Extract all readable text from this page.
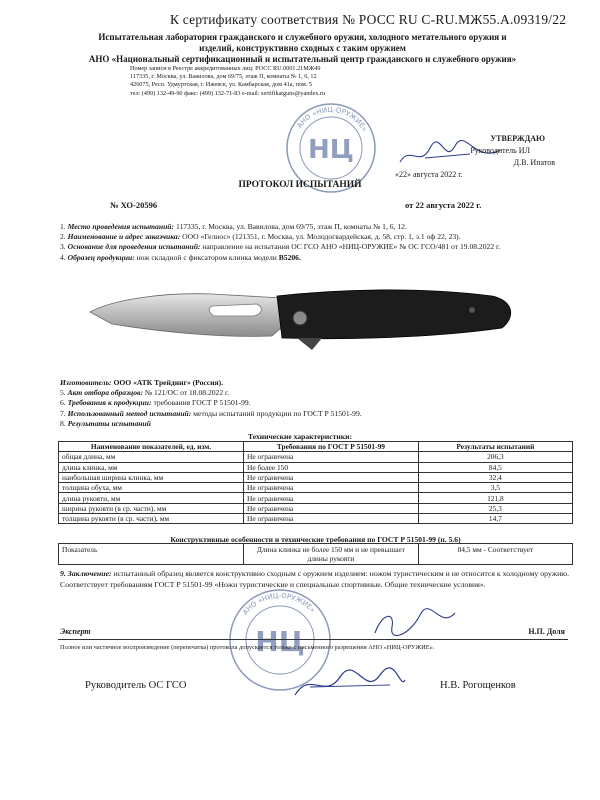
К сертификату соответствия № РОСС RU C-RU.МЖ55.А.09319/22
Испытательная лаборатория гражданского и служебного оружия, холодного метательного оружия и
изделий, конструктивно сходных с таким оружием
АНО «Национальный сертификационный и испытательный центр гражданского и служебного оружия»
Номер записи в Реестре аккредитованных лиц: РОСС RU.0001.21МЖ49
117335, г. Москва, ул. Вавилова, дом 69/75, этаж П, комнаты № 1, 6, 12
426075, Респ. Удмуртская, г. Ижевск, ул. Камбарская, дом 41а, пом. 5
тел: (499) 132-49-90 факс: (499) 132-71-83 e-mail: sertifikatguns@yandex.ru
НЦ
АНО «НИЦ-ОРУЖИЕ»
УТВЕРЖДАЮ
Руководитель ИЛ
Д.В. Ипатов
«22» августа 2022 г.
ПРОТОКОЛ ИСПЫТАНИЙ
№ ХО-20596	от 22 августа 2022 г.

1. Место проведения испытаний: 117335, г. Москва, ул. Вавилова, дом 69/75, этаж П, комнаты № 1, 6, 12.

2. Наименование и адрес заказчика: ООО «Гелиос» (121351, г. Москва, ул. Молодогвардейская, д. 58, стр. 1, э.1 оф 22, 23).

3. Основание для проведения испытаний: направление на испытания ОС ГСО АНО «НИЦ-ОРУЖИЕ» № ОС ГСО/481 от 19.08.2022 г.

4. Образец продукции: нож складной с фиксатором клинка модели B5206.

Изготовитель: ООО «АТК Трейдинг» (Россия).

5. Акт отбора образцов: № 121/ОС от 18.08.2022 г.

6. Требования к продукции: требования ГОСТ Р 51501-99.

7. Использованный метод испытаний: методы испытаний продукции по ГОСТ Р 51501-99.

8. Результаты испытаний

Технические характеристики:
Наименование показателей, ед. изм.	Требования по ГОСТ Р 51501-99	Результаты испытаний
общая длина, мм	Не ограничена	206,3
длина клинка, мм	Не более 150	84,5
наибольшая ширина клинка, мм	Не ограничена	32,4
толщина обуха, мм	Не ограничена	3,5
длина рукояти, мм	Не ограничена	121,8
ширина рукояти (в ср. части), мм	Не ограничена	25,3
толщина рукояти (в ср. части), мм	Не ограничена	14,7
Конструктивные особенности и технические требования по ГОСТ Р 51501-99 (п. 5.6)
Показатель	Длина клинка не более 150 мм и не превышает длины рукояти	84,5 мм - Соответствует
9. Заключение: испытанный образец является конструктивно сходным с оружием изделием: ножом туристическим и не относится к холодному оружию. Соответствует требованиям ГОСТ Р 51501-99 «Ножи туристические и специальные спортивные. Общие технические условия».
НЦ
АНО «НИЦ-ОРУЖИЕ»
Эксперт	Н.П. Доля
Полное или частичное воспроизведение (перепечатка) протокола допускается только с письменного разрешения АНО «НИЦ-ОРУЖИЕ».
Руководитель ОС ГСО	Н.В. Рогощенков
